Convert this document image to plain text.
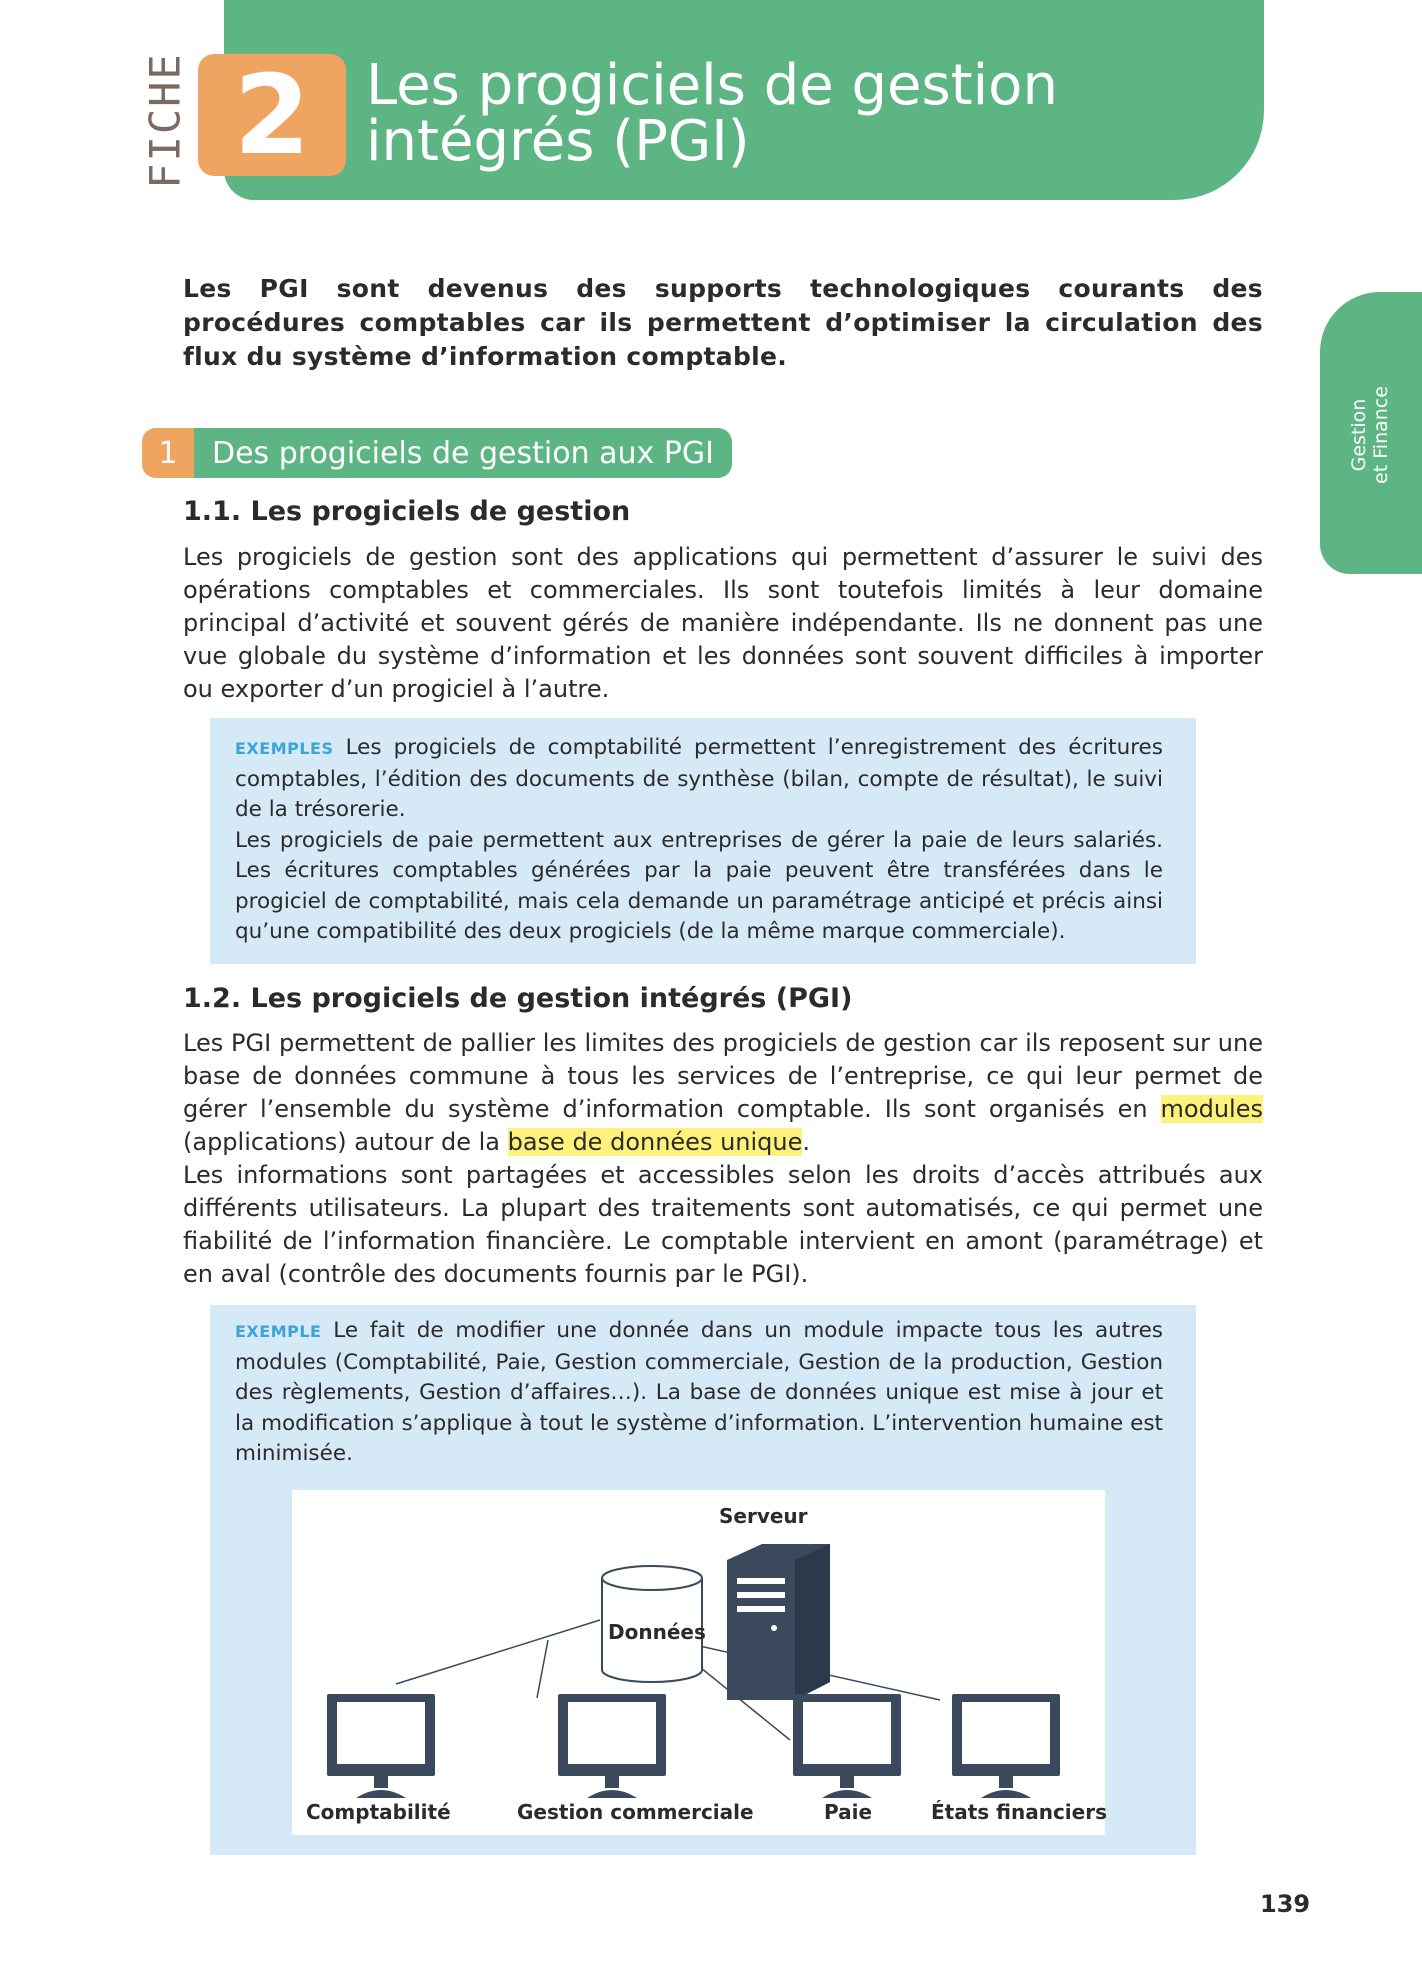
FICHE 2 Les progiciels de gestion
intégrés (PGI)
Gestion et Finance

Les PGI sont devenus des supports technologiques courants des procédures comptables car ils permettent d’optimiser la circulation des flux du système d’information comptable.

1	Des progiciels de gestion aux PGI
1.1. Les progiciels de gestion

Les progiciels de gestion sont des applications qui permettent d’assurer le suivi des opérations comptables et commerciales. Ils sont toutefois limités à leur domaine principal d’activité et souvent gérés de manière indépendante. Ils ne donnent pas une vue globale du système d’information et les données sont souvent difficiles à importer ou exporter d’un progiciel à l’autre.

EXEMPLES Les progiciels de comptabilité permettent l’enregistrement des écritures comptables, l’édition des documents de synthèse (bilan, compte de résultat), le suivi de la trésorerie.

Les progiciels de paie permettent aux entreprises de gérer la paie de leurs salariés. Les écritures comptables générées par la paie peuvent être transférées dans le progiciel de comptabilité, mais cela demande un paramétrage anticipé et précis ainsi qu’une compatibilité des deux progiciels (de la même marque commerciale).

1.2. Les progiciels de gestion intégrés (PGI)

Les PGI permettent de pallier les limites des progiciels de gestion car ils reposent sur une base de données commune à tous les services de l’entreprise, ce qui leur permet de gérer l’ensemble du système d’information comptable. Ils sont organisés en modules (applications) autour de la base de données unique.

Les informations sont partagées et accessibles selon les droits d’accès attribués aux différents utilisateurs. La plupart des traitements sont automatisés, ce qui permet une fiabilité de l’information financière. Le comptable intervient en amont (paramétrage) et en aval (contrôle des documents fournis par le PGI).

EXEMPLE Le fait de modifier une donnée dans un module impacte tous les autres modules (Comptabilité, Paie, Gestion commerciale, Gestion de la production, Gestion des règlements, Gestion d’affaires…). La base de données unique est mise à jour et la modification s’applique à tout le système d’information. L’intervention humaine est minimisée.

Serveur
Données
Comptabilité	Gestion commerciale	Paie	États financiers
139
